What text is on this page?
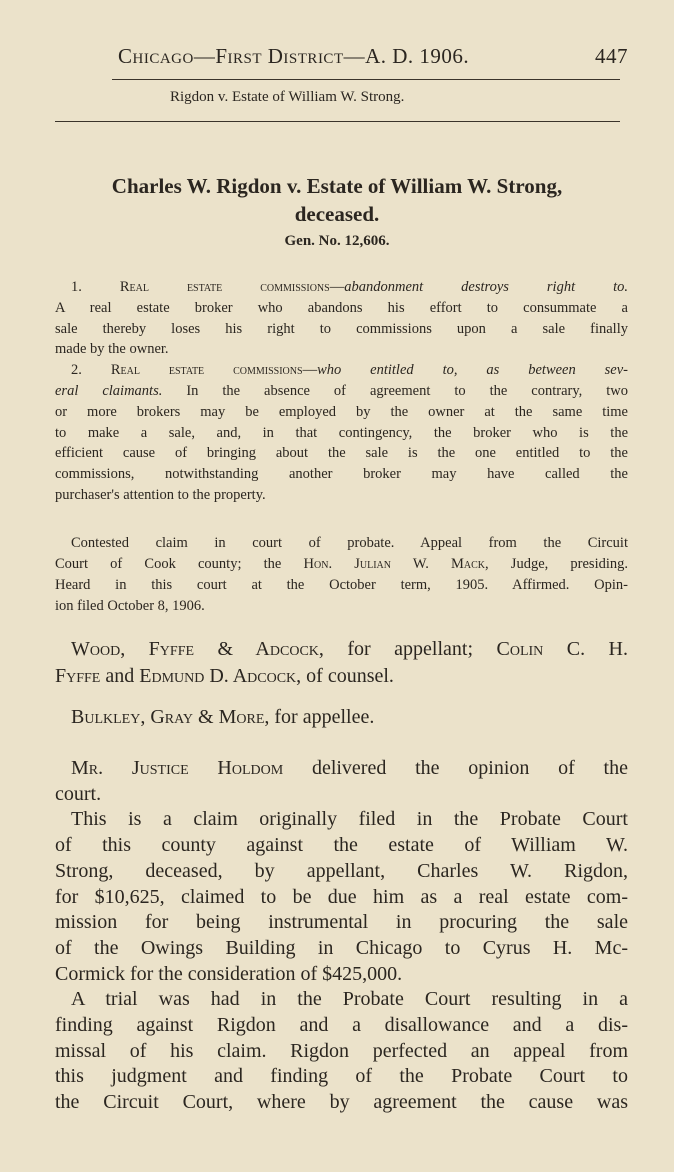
Chicago—First District—A. D. 1906.	447
Rigdon v. Estate of William W. Strong.
Charles W. Rigdon v. Estate of William W. Strong,
deceased.
Gen. No. 12,606.
1. Real estate commissions—abandonment destroys right to.
A real estate broker who abandons his effort to consummate a
sale thereby loses his right to commissions upon a sale finally
made by the owner.
2. Real estate commissions—who entitled to, as between sev-
eral claimants. In the absence of agreement to the contrary, two
or more brokers may be employed by the owner at the same time
to make a sale, and, in that contingency, the broker who is the
efficient cause of bringing about the sale is the one entitled to the
commissions, notwithstanding another broker may have called the
purchaser's attention to the property.
Contested claim in court of probate. Appeal from the Circuit
Court of Cook county; the Hon. Julian W. Mack, Judge, presiding.
Heard in this court at the October term, 1905. Affirmed. Opin-
ion filed October 8, 1906.
Wood, Fyffe & Adcock, for appellant; Colin C. H.
Fyffe and Edmund D. Adcock, of counsel.
Bulkley, Gray & More, for appellee.
Mr. Justice Holdom delivered the opinion of the
court.
This is a claim originally filed in the Probate Court
of this county against the estate of William W.
Strong, deceased, by appellant, Charles W. Rigdon,
for $10,625, claimed to be due him as a real estate com-
mission for being instrumental in procuring the sale
of the Owings Building in Chicago to Cyrus H. Mc-
Cormick for the consideration of $425,000.
A trial was had in the Probate Court resulting in a
finding against Rigdon and a disallowance and a dis-
missal of his claim. Rigdon perfected an appeal from
this judgment and finding of the Probate Court to
the Circuit Court, where by agreement the cause was
